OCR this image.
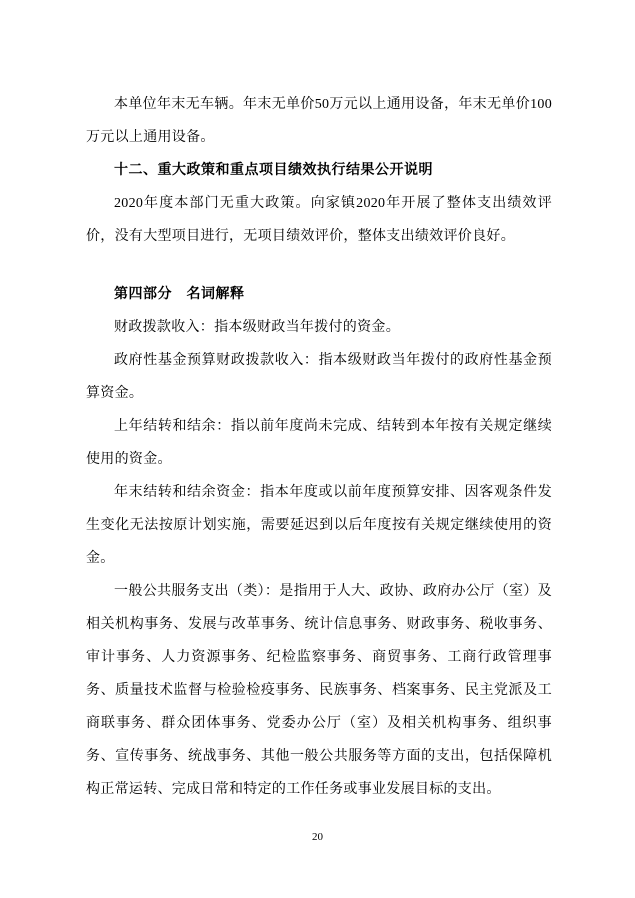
本单位年末无车辆。年末无单价50万元以上通用设备，年末无单价100万元以上通用设备。

十二、重大政策和重点项目绩效执行结果公开说明

2020年度本部门无重大政策。向家镇2020年开展了整体支出绩效评价，没有大型项目进行，无项目绩效评价，整体支出绩效评价良好。

第四部分　名词解释

财政拨款收入：指本级财政当年拨付的资金。

政府性基金预算财政拨款收入：指本级财政当年拨付的政府性基金预算资金。

上年结转和结余：指以前年度尚未完成、结转到本年按有关规定继续使用的资金。

年末结转和结余资金：指本年度或以前年度预算安排、因客观条件发生变化无法按原计划实施，需要延迟到以后年度按有关规定继续使用的资金。

一般公共服务支出（类）：是指用于人大、政协、政府办公厅（室）及相关机构事务、发展与改革事务、统计信息事务、财政事务、税收事务、审计事务、人力资源事务、纪检监察事务、商贸事务、工商行政管理事务、质量技术监督与检验检疫事务、民族事务、档案事务、民主党派及工商联事务、群众团体事务、党委办公厅（室）及相关机构事务、组织事务、宣传事务、统战事务、其他一般公共服务等方面的支出，包括保障机构正常运转、完成日常和特定的工作任务或事业发展目标的支出。

20
